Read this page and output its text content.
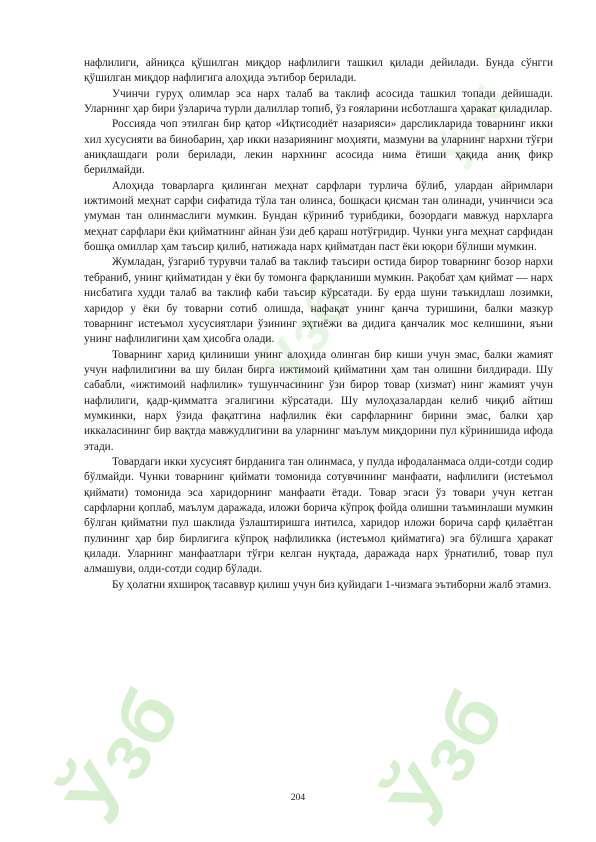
Ўзб Ўзб
Ўзб
Ўзб

нафлилиги, айниқса қўшилган миқдор нафлилиги ташкил қилади дейилади. Бунда сўнгги қўшилган миқдор нафлигига алоҳида эътибор берилади.

Учинчи гуруҳ олимлар эса нарх талаб ва таклиф асосида ташкил топади дейишади. Уларнинг ҳар бири ўзларича турли далиллар топиб, ўз ғояларини исботлашга ҳаракат қиладилар.

Россияда чоп этилган бир қатор «Иқтисодиёт назарияси» дарсликларида товарнинг икки хил хусусияти ва бинобарин, ҳар икки назариянинг моҳияти, мазмуни ва уларнинг нархни тўғри аниқлашдаги роли берилади, лекин нархнинг асосида нима ётиши ҳақида аниқ фикр берилмайди.

Алоҳида товарларга қилинган меҳнат сарфлари турлича бўлиб, улардан айримлари ижтимоий меҳнат сарфи сифатида тўла тан олинса, бошқаси қисман тан олинади, учинчиси эса умуман тан олинмаслиги мумкин. Бундан кўриниб турибдики, бозордаги мавжуд нархларга меҳнат сарфлари ёки қийматнинг айнан ўзи деб қараш нотўғридир. Чунки унга меҳнат сарфидан бошқа омиллар ҳам таъсир қилиб, натижада нарх қийматдан паст ёки юқори бўлиши мумкин.

Жумладан, ўзгариб турувчи талаб ва таклиф таъсири остида бирор товарнинг бозор нархи тебраниб, унинг қийматидан у ёки бу томонга фарқланиши мумкин. Рақобат ҳам қиймат — нарх нисбатига худди талаб ва таклиф каби таъсир кўрсатади. Бу ерда шуни таъкидлаш лозимки, харидор у ёки бу товарни сотиб олишда, нафақат унинг қанча туришини, балки мазкур товарнинг истеъмол хусусиятлари ўзининг эҳтиёжи ва дидига қанчалик мос келишини, яъни унинг нафлилигини ҳам ҳисобга олади.

Товарнинг харид қилиниши унинг алоҳида олинган бир киши учун эмас, балки жамият учун нафлилигини ва шу билан бирга ижтимоий қийматини ҳам тан олишни билдиради. Шу сабабли, «ижтимоий нафлилик» тушунчасининг ўзи бирор товар (хизмат) нинг жамият учун нафлилиги, қадр-қимматга эгалигини кўрсатади. Шу мулоҳазалардан келиб чиқиб айтиш мумкинки, нарх ўзида фақатгина нафлилик ёки сарфларнинг бирини эмас, балки ҳар иккаласининг бир вақтда мавжудлигини ва уларнинг маълум миқдорини пул кўринишида ифода этади.

Товардаги икки хусусият бирданига тан олинмаса, у пулда ифодаланмаса олди-сотди содир бўлмайди. Чунки товарнинг қиймати томонида сотувчининг манфаати, нафлилиги (истеъмол қиймати) томонида эса харидорнинг манфаати ётади. Товар эгаси ўз товари учун кетган сарфларни қоплаб, маълум даражада, иложи борича кўпроқ фойда олишни таъминлаши мумкин бўлган қийматни пул шаклида ўзлаштиришга интилса, харидор иложи борича сарф қилаётган пулининг ҳар бир бирлигига кўпроқ нафлиликка (истеъмол қийматига) эга бўлишга ҳаракат қилади. Уларнинг манфаатлари тўғри келган нуқтада, даражада нарх ўрнатилиб, товар пул алмашуви, олди-сотди содир бўлади.

Бу ҳолатни яхшироқ тасаввур қилиш учун биз қуйидаги 1-чизмага эътиборни жалб этамиз.

204
